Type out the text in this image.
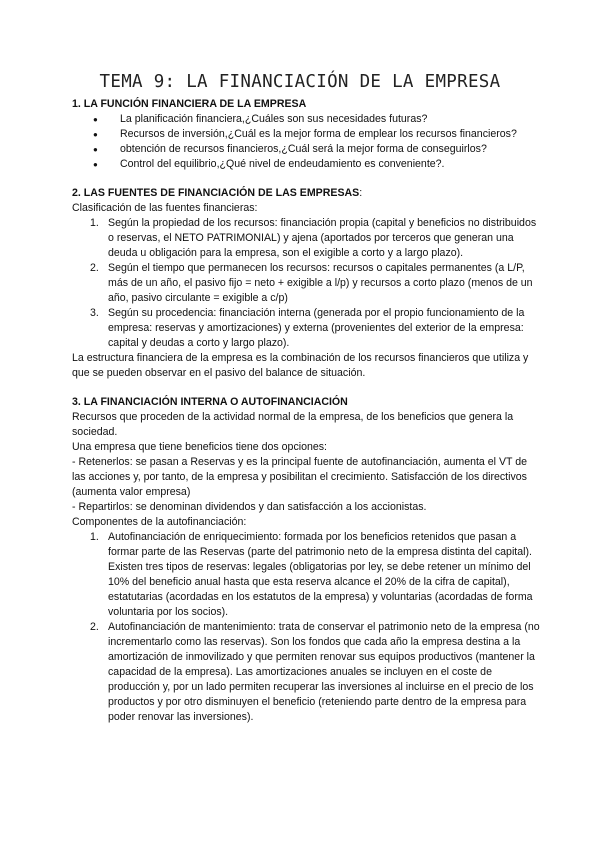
TEMA 9: LA FINANCIACIÓN DE LA EMPRESA

1. LA FUNCIÓN FINANCIERA DE LA EMPRESA

● La planificación financiera,¿Cuáles son sus necesidades futuras?
● Recursos de inversión,¿Cuál es la mejor forma de emplear los recursos financieros?
● obtención de recursos financieros,¿Cuál será la mejor forma de conseguirlos?
● Control del equilibrio,¿Qué nivel de endeudamiento es conveniente?.

2. LAS FUENTES DE FINANCIACIÓN DE LAS EMPRESAS:

Clasificación de las fuentes financieras:

1. Según la propiedad de los recursos: financiación propia (capital y beneficios no distribuidos o reservas, el NETO PATRIMONIAL) y ajena (aportados por terceros que generan una deuda u obligación para la empresa, son el exigible a corto y a largo plazo).
2. Según el tiempo que permanecen los recursos: recursos o capitales permanentes (a L/P, más de un año, el pasivo fijo = neto + exigible a l/p) y recursos a corto plazo (menos de un año, pasivo circulante = exigible a c/p)
3. Según su procedencia: financiación interna (generada por el propio funcionamiento de la empresa: reservas y amortizaciones) y externa (provenientes del exterior de la empresa: capital y deudas a corto y largo plazo).

La estructura financiera de la empresa es la combinación de los recursos financieros que utiliza y que se pueden observar en el pasivo del balance de situación.

3. LA FINANCIACIÓN INTERNA O AUTOFINANCIACIÓN

Recursos que proceden de la actividad normal de la empresa, de los beneficios que genera la sociedad.

Una empresa que tiene beneficios tiene dos opciones:

- Retenerlos: se pasan a Reservas y es la principal fuente de autofinanciación, aumenta el VT de

las acciones y, por tanto, de la empresa y posibilitan el crecimiento. Satisfacción de los directivos

(aumenta valor empresa)

- Repartirlos: se denominan dividendos y dan satisfacción a los accionistas.

Componentes de la autofinanciación:

1. Autofinanciación de enriquecimiento: formada por los beneficios retenidos que pasan a formar parte de las Reservas (parte del patrimonio neto de la empresa distinta del capital). Existen tres tipos de reservas: legales (obligatorias por ley, se debe retener un mínimo del 10% del beneficio anual hasta que esta reserva alcance el 20% de la cifra de capital), estatutarias (acordadas en los estatutos de la empresa) y voluntarias (acordadas de forma voluntaria por los socios).
2. Autofinanciación de mantenimiento: trata de conservar el patrimonio neto de la empresa (no incrementarlo como las reservas). Son los fondos que cada año la empresa destina a la amortización de inmovilizado y que permiten renovar sus equipos productivos (mantener la capacidad de la empresa). Las amortizaciones anuales se incluyen en el coste de producción y, por un lado permiten recuperar las inversiones al incluirse en el precio de los productos y por otro disminuyen el beneficio (reteniendo parte dentro de la empresa para poder renovar las inversiones).
